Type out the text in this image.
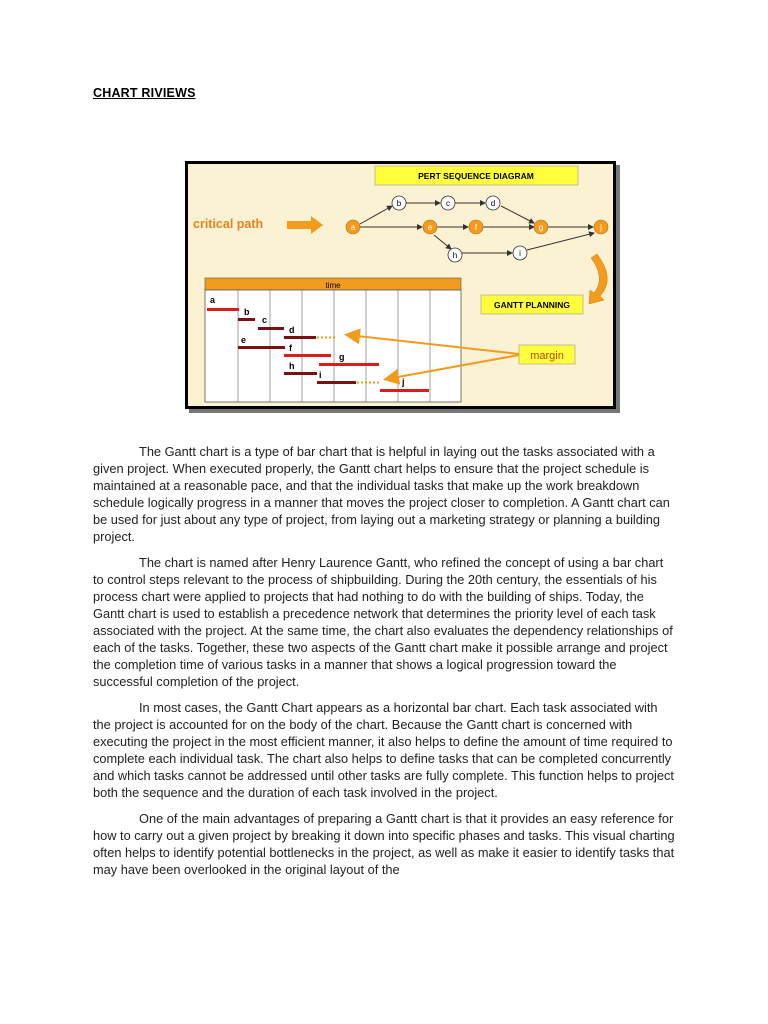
CHART RIVIEWS
PERT SEQUENCE DIAGRAM
critical path	a
b	c	d
e	f	g
h	i
j
GANTT PLANNING
time
a
b
c
d
e
f
g
h
i
j
margin

The Gantt chart is a type of bar chart that is helpful in laying out the tasks associated with a given project. When executed properly, the Gantt chart helps to ensure that the project schedule is maintained at a reasonable pace, and that the individual tasks that make up the work breakdown schedule logically progress in a manner that moves the project closer to completion. A Gantt chart can be used for just about any type of project, from laying out a marketing strategy or planning a building project.

The chart is named after Henry Laurence Gantt, who refined the concept of using a bar chart to control steps relevant to the process of shipbuilding. During the 20th century, the essentials of his process chart were applied to projects that had nothing to do with the building of ships. Today, the Gantt chart is used to establish a precedence network that determines the priority level of each task associated with the project. At the same time, the chart also evaluates the dependency relationships of each of the tasks. Together, these two aspects of the Gantt chart make it possible arrange and project the completion time of various tasks in a manner that shows a logical progression toward the successful completion of the project.

In most cases, the Gantt Chart appears as a horizontal bar chart. Each task associated with the project is accounted for on the body of the chart. Because the Gantt chart is concerned with executing the project in the most efficient manner, it also helps to define the amount of time required to complete each individual task. The chart also helps to define tasks that can be completed concurrently and which tasks cannot be addressed until other tasks are fully complete. This function helps to project both the sequence and the duration of each task involved in the project.

One of the main advantages of preparing a Gantt chart is that it provides an easy reference for how to carry out a given project by breaking it down into specific phases and tasks. This visual charting often helps to identify potential bottlenecks in the project, as well as make it easier to identify tasks that may have been overlooked in the original layout of the
